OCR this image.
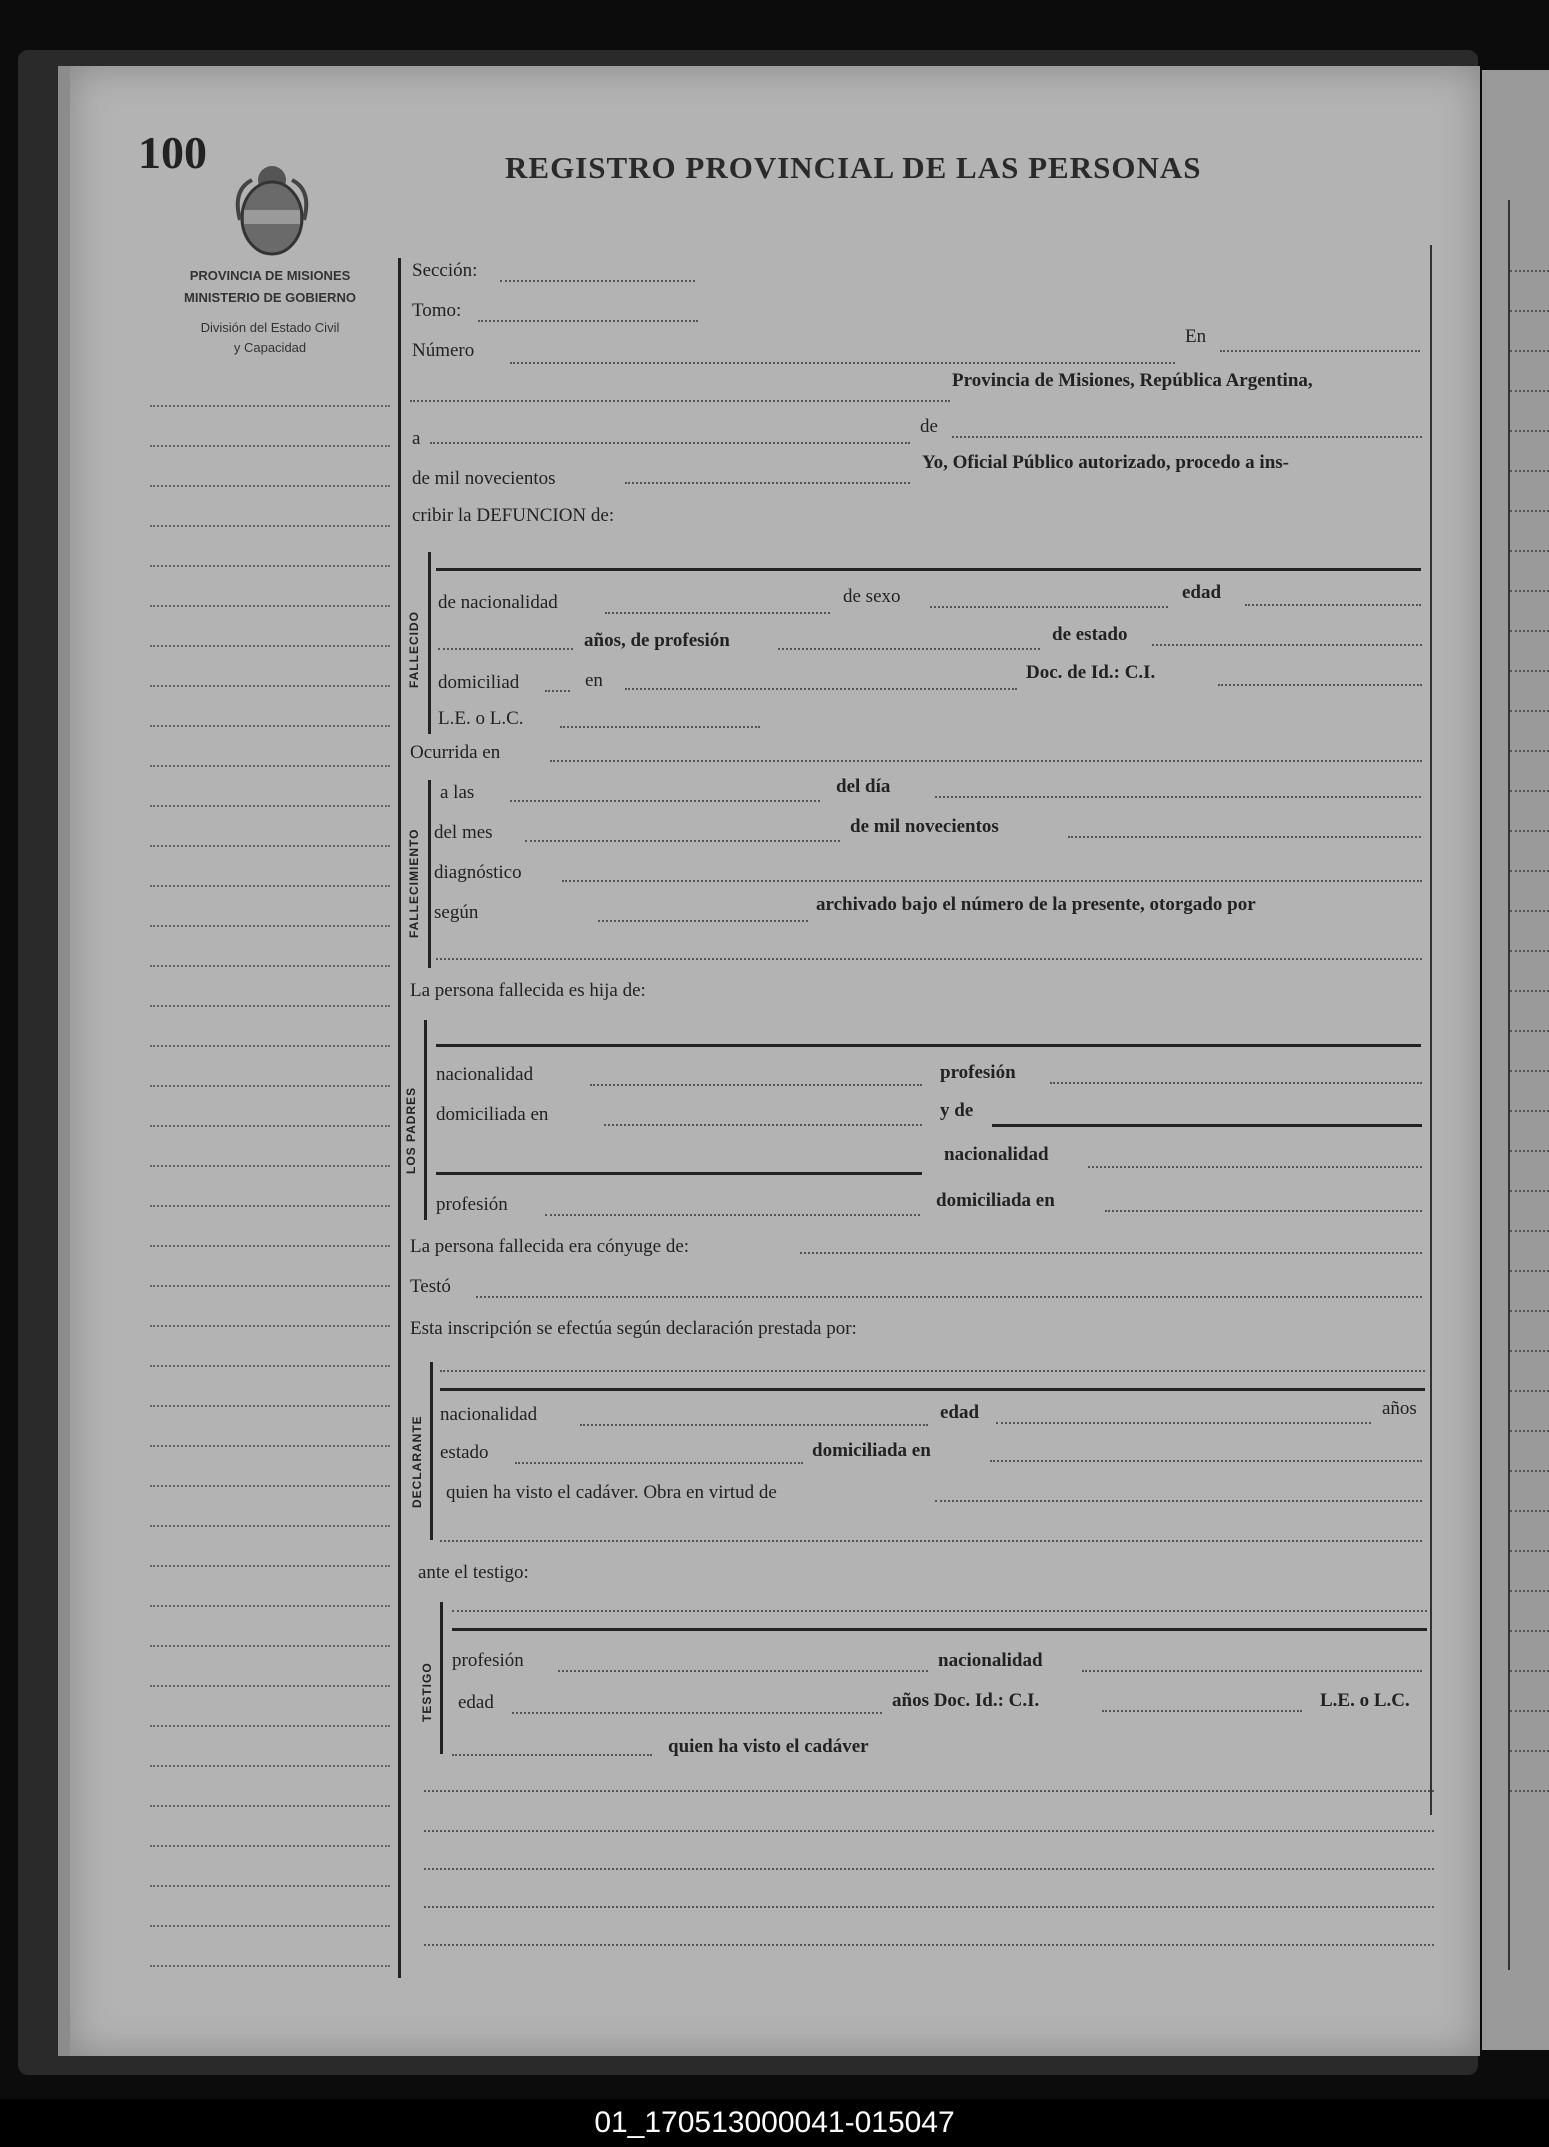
100	REGISTRO PROVINCIAL DE LAS PERSONAS
PROVINCIA DE MISIONES
MINISTERIO DE GOBIERNO
División del Estado Civil
y Capacidad
Sección:
Tomo:
Número
En
Provincia de Misiones, República Argentina,
a
de
de mil novecientos
Yo, Oficial Público autorizado, procedo a ins-
cribir la DEFUNCION de:
FALLECIDO
de nacionalidad	de sexo	edad
años, de profesión	de estado
domiciliad	en	Doc. de Id.: C.I.
L.E. o L.C.
Ocurrida en
FALLECIMIENTO
a las	del día
del mes	de mil novecientos
diagnóstico
según	archivado bajo el número de la presente, otorgado por
La persona fallecida es hija de:
LOS PADRES
nacionalidad	profesión
domiciliada en	y de
nacionalidad
profesión	domiciliada en
La persona fallecida era cónyuge de:
Testó
Esta inscripción se efectúa según declaración prestada por:
DECLARANTE
nacionalidad	edad	años
estado	domiciliada en
quien ha visto el cadáver. Obra en virtud de
ante el testigo:
TESTIGO
profesión	nacionalidad
edad	años Doc. Id.: C.I.	L.E. o L.C.
quien ha visto el cadáver
01_170513000041-015047
